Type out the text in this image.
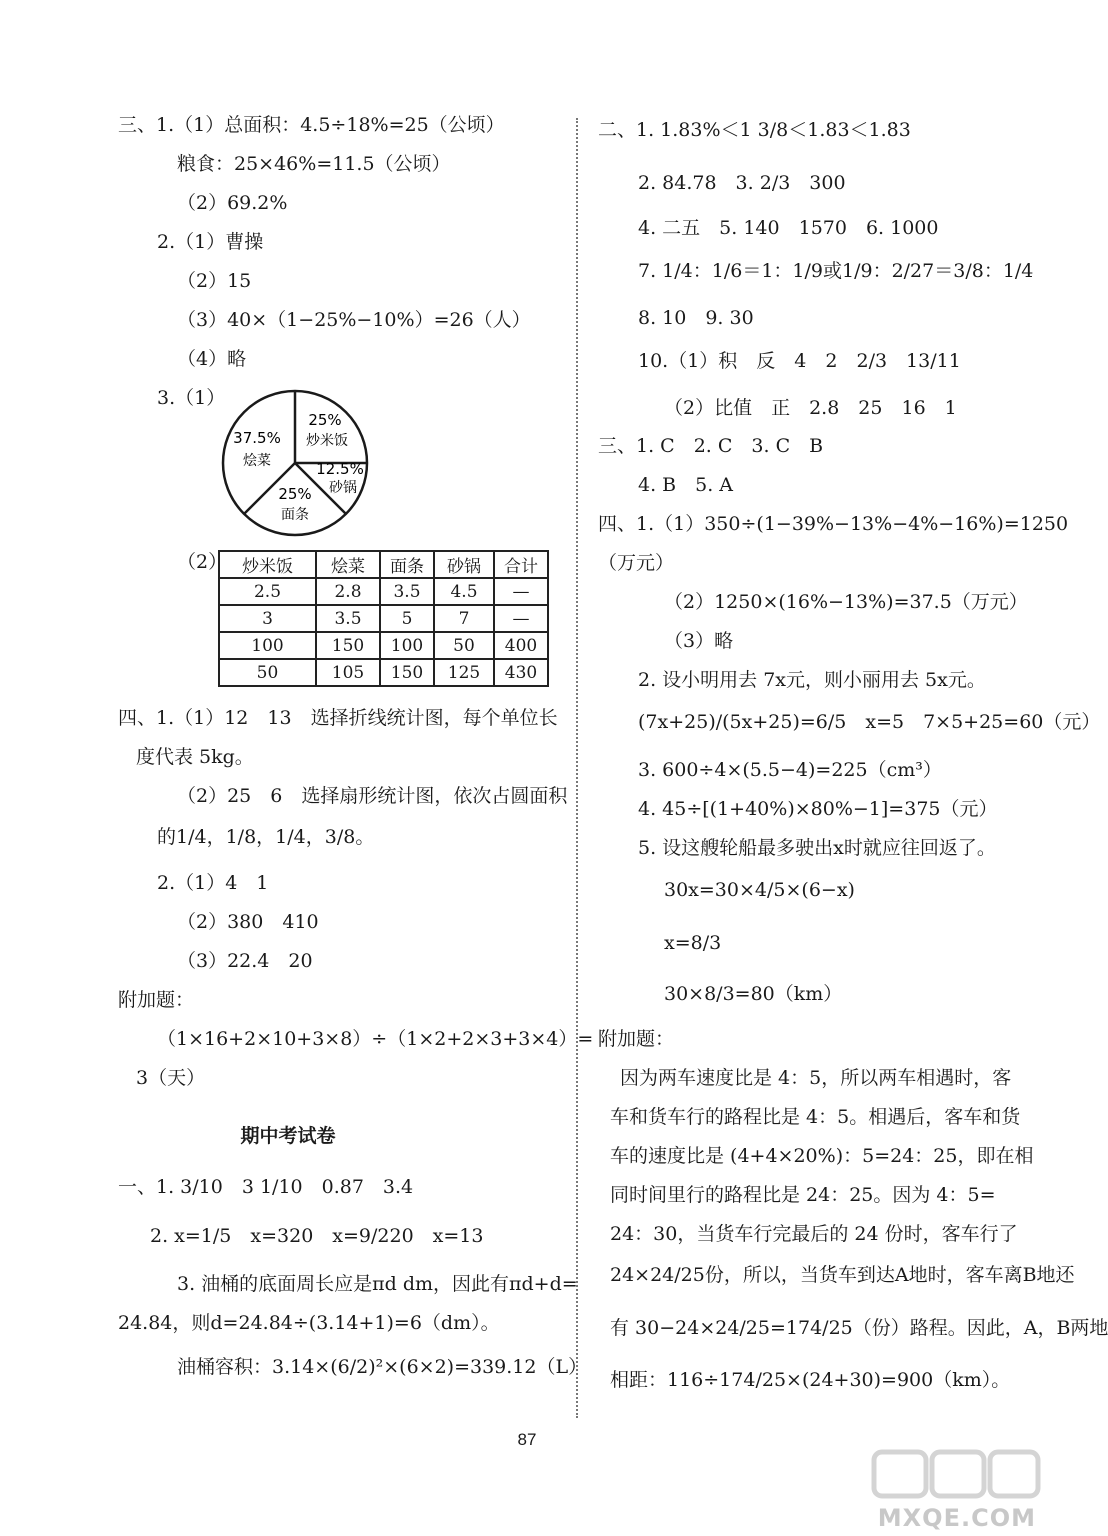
三、1.（1）总面积：4.5÷18%=25（公顷）
粮食：25×46%=11.5（公顷）
（2）69.2%
2.（1）曹操
（2）15
（3）40×（1−25%−10%）=26（人）
（4）略
3.（1）
（2）
四、1.（1）12　13　选择折线统计图，每个单位长
度代表 5kg。
（2）25　6　选择扇形统计图，依次占圆面积
的1/4，1/8，1/4，3/8。
2.（1）4　1
（2）380　410
（3）22.4　20
附加题：
（1×16+2×10+3×8）÷（1×2+2×3+3×4）=
3（天）
一、1. 3/10　3 1/10　0.87　3.4
2. x=1/5　x=320　x=9/220　x=13
3. 油桶的底面周长应是πd dm，因此有πd+d=
24.84，则d=24.84÷(3.14+1)=6（dm）。
油桶容积：3.14×(6/2)²×(6×2)=339.12（L）
25%
炒米饭
12.5%
砂锅
25%
面条
37.5%
烩菜
炒米饭	烩菜	面条	砂锅	合计
2.5	2.8	3.5	4.5	—
3	3.5	5	7	—
100	150	100	50	400
50	105	150	125	430
期中考试卷
二、1. 1.83%＜1 3/8＜1.83＜1.8̇3
2. 84.78　3. 2/3　300
4. 二五　5. 140　1570　6. 1000
7. 1/4：1/6＝1：1/9或1/9：2/27＝3/8：1/4
8. 10　9. 30
10.（1）积　反　4　2　2/3　13/11
（2）比值　正　2.8　25　16　1
三、1. C　2. C　3. C　B
4. B　5. A
四、1.（1）350÷(1−39%−13%−4%−16%)=1250
（万元）
（2）1250×(16%−13%)=37.5（万元）
（3）略
2. 设小明用去 7x元，则小丽用去 5x元。
(7x+25)/(5x+25)=6/5　x=5　7×5+25=60（元）
3. 600÷4×(5.5−4)=225（cm³）
4. 45÷[(1+40%)×80%−1]=375（元）
5. 设这艘轮船最多驶出x时就应往回返了。
30x=30×4/5×(6−x)
x=8/3
30×8/3=80（km）
附加题：
因为两车速度比是 4：5，所以两车相遇时，客
车和货车行的路程比是 4：5。相遇后，客车和货
车的速度比是 (4+4×20%)：5=24：25，即在相
同时间里行的路程比是 24：25。因为 4：5=
24：30，当货车行完最后的 24 份时，客车行了
24×24/25份，所以，当货车到达A地时，客车离B地还
有 30−24×24/25=174/25（份）路程。因此，A，B两地
相距：116÷174/25×(24+30)=900（km）。
87
MXQE.COM
